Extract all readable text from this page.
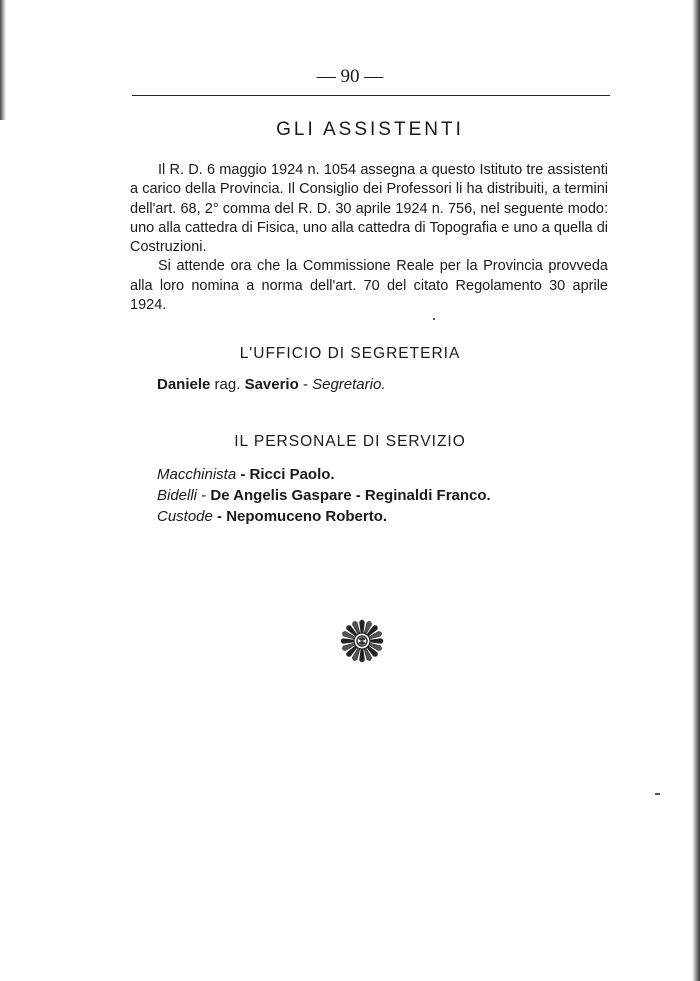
— 90 —
GLI ASSISTENTI

Il R. D. 6 maggio 1924 n. 1054 assegna a questo Istituto tre assistenti a carico della Provincia. Il Consiglio dei Professori li ha distribuiti, a termini dell'art. 68, 2° comma del R. D. 30 aprile 1924 n. 756, nel seguente modo: uno alla cattedra di Fisica, uno alla cattedra di Topografia e uno a quella di Costruzioni.

Si attende ora che la Commissione Reale per la Provincia provveda alla loro nomina a norma dell'art. 70 del citato Regolamento 30 aprile 1924.

L'UFFICIO DI SEGRETERIA
Daniele rag. Saverio - Segretario.
IL PERSONALE DI SERVIZIO
Macchinista - Ricci Paolo.
Bidelli - De Angelis Gaspare - Reginaldi Franco.
Custode - Nepomuceno Roberto.
